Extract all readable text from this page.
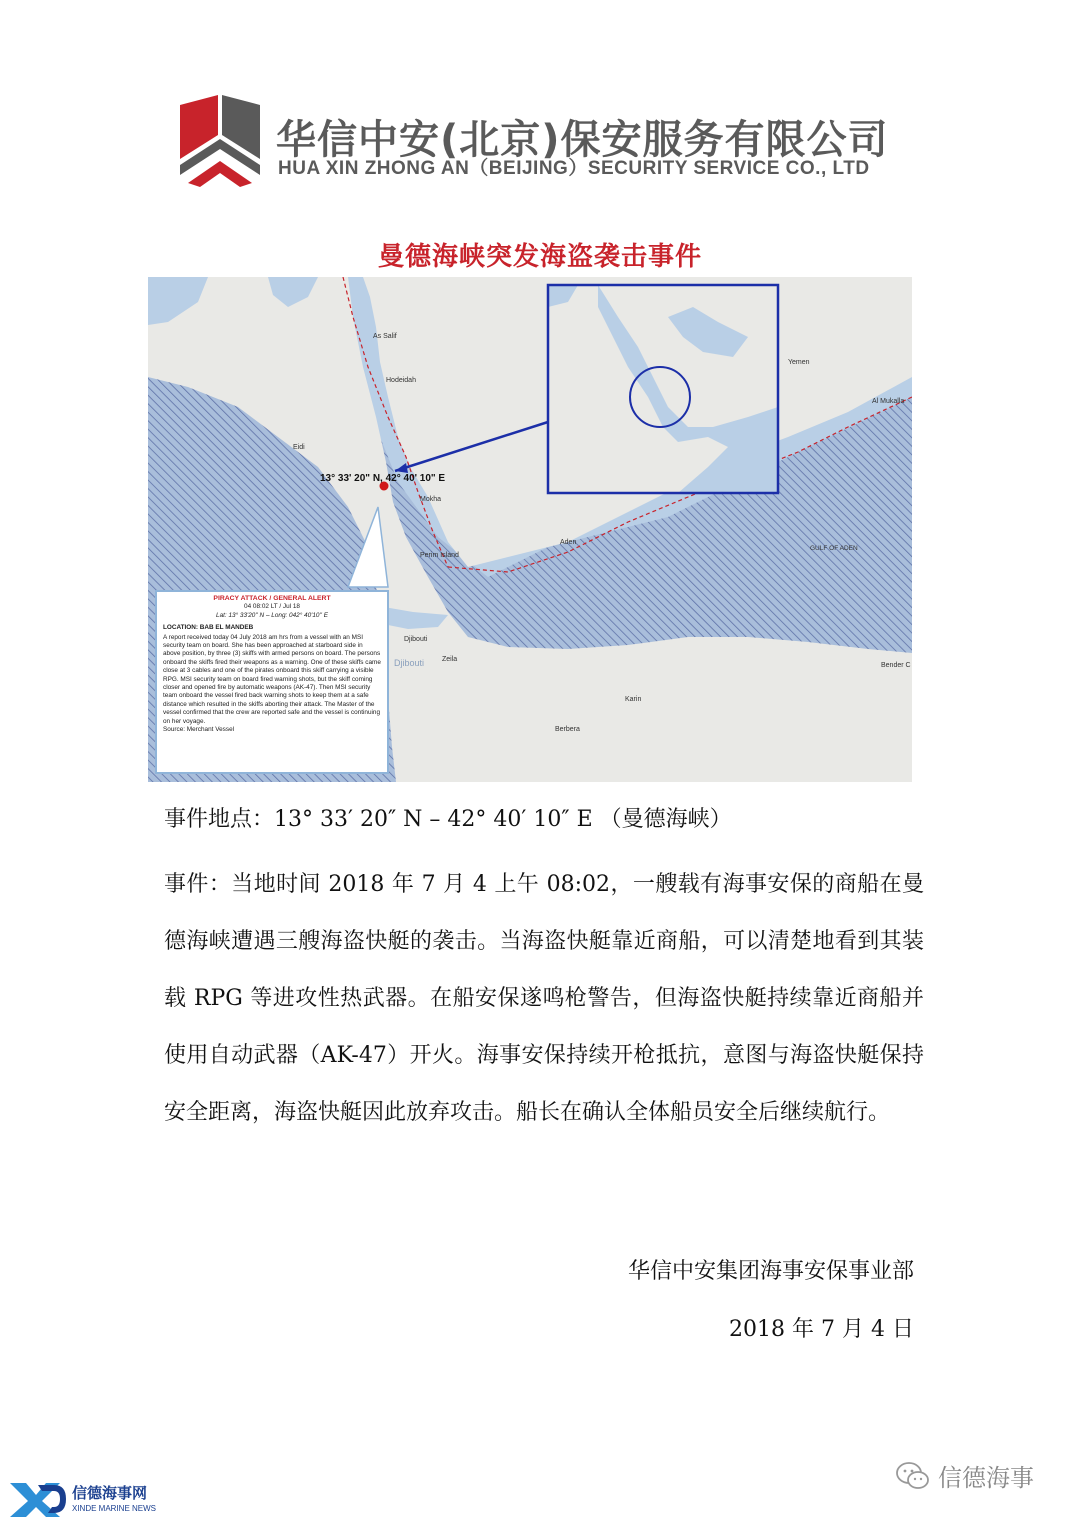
华信中安(北京)保安服务有限公司
HUA XIN ZHONG AN（BEIJING）SECURITY SERVICE CO., LTD
曼德海峡突发海盗袭击事件
As Salif
Hodeidah
Eidi
Mokha
Perim Island
Aden
GULF OF ADEN
Djibouti
Djibouti	Zeila
Karin
Berbera
Bender C
Al Mukalla
Yemen
13° 33' 20" N, 42° 40' 10" E
PIRACY ATTACK / GENERAL ALERT
04 08:02 LT / Jul 18
Lat: 13° 33'20'' N – Long: 042° 40'10'' E
LOCATION: BAB EL MANDEB
A report received today 04 July 2018 am hrs from a vessel with an MSI security team on board. She has been approached at starboard side in above position, by three (3) skiffs with armed persons on board. The persons onboard the skiffs fired their weapons as a warning. One of these skiffs came close at 3 cables and one of the pirates onboard this skiff carrying a visible RPG. MSI security team on board fired warning shots, but the skiff coming closer and opened fire by automatic weapons (AK-47). Then MSI security team onboard the vessel fired back warning shots to keep them at a safe distance which resulted in the skiffs aborting their attack. The Master of the vessel confirmed that the crew are reported safe and the vessel is continuing on her voyage.
Source: Merchant Vessel
事件地点：13° 33′ 20″ N – 42° 40′ 10″ E （曼德海峡）
事件：当地时间 2018 年 7 月 4 上午 08:02，一艘载有海事安保的商船在曼德海峡遭遇三艘海盗快艇的袭击。当海盗快艇靠近商船，可以清楚地看到其装载 RPG 等进攻性热武器。在船安保遂鸣枪警告，但海盗快艇持续靠近商船并使用自动武器（AK-47）开火。海事安保持续开枪抵抗，意图与海盗快艇保持安全距离，海盗快艇因此放弃攻击。船长在确认全体船员安全后继续航行。
华信中安集团海事安保事业部
2018 年 7 月 4 日
信德海事网
XINDE MARINE NEWS
信德海事
